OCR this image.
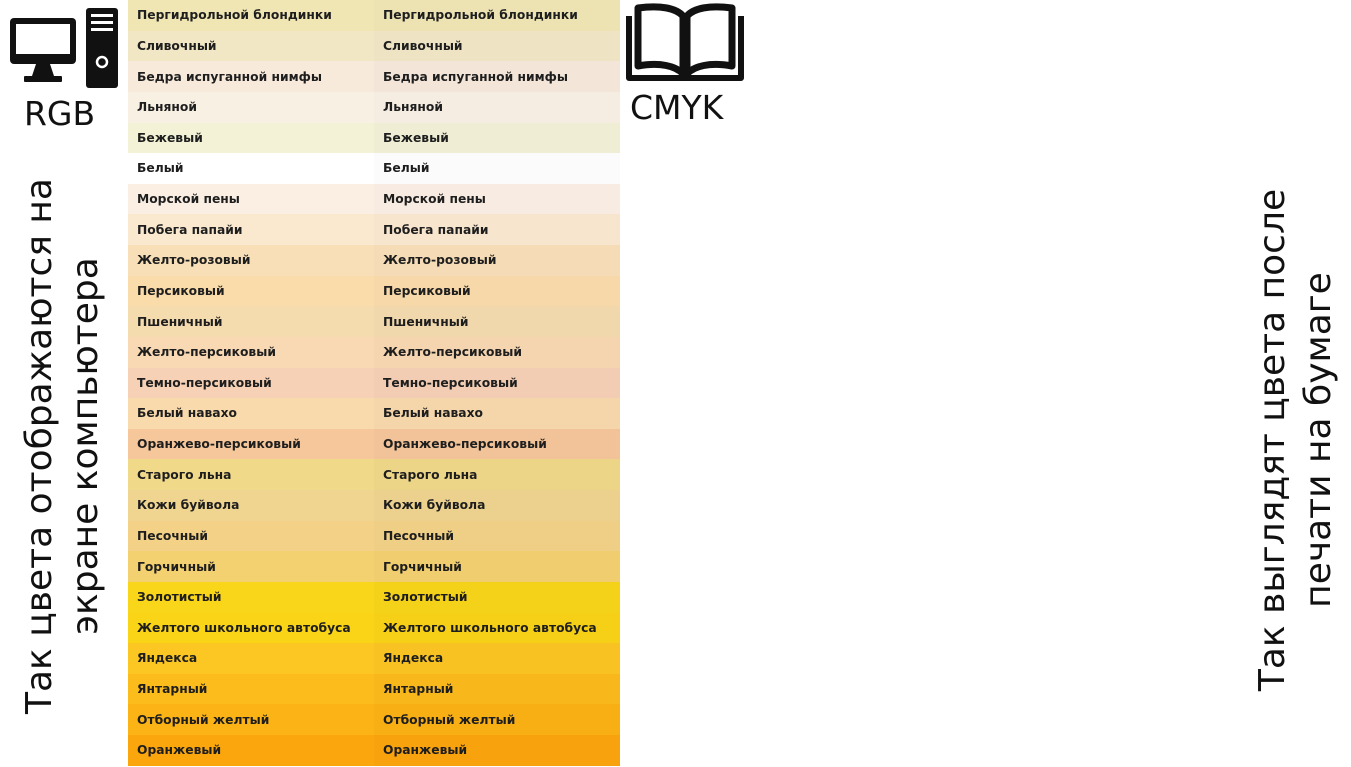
RGB
Так цвета отображаются на экране компьютера
Пергидрольной блондинки	Пергидрольной блондинки
Сливочный	Сливочный
Бедра испуганной нимфы	Бедра испуганной нимфы
Льняной	Льняной
Бежевый	Бежевый
Белый	Белый
Морской пены	Морской пены
Побега папайи	Побега папайи
Желто-розовый	Желто-розовый
Персиковый	Персиковый
Пшеничный	Пшеничный
Желто-персиковый	Желто-персиковый
Темно-персиковый	Темно-персиковый
Белый навахо	Белый навахо
Оранжево-персиковый	Оранжево-персиковый
Старого льна	Старого льна
Кожи буйвола	Кожи буйвола
Песочный	Песочный
Горчичный	Горчичный
Золотистый	Золотистый
Желтого школьного автобуса	Желтого школьного автобуса
Яндекса	Яндекса
Янтарный	Янтарный
Отборный желтый	Отборный желтый
Оранжевый	Оранжевый
CMYK
Так выглядят цвета после печати на бумаге
